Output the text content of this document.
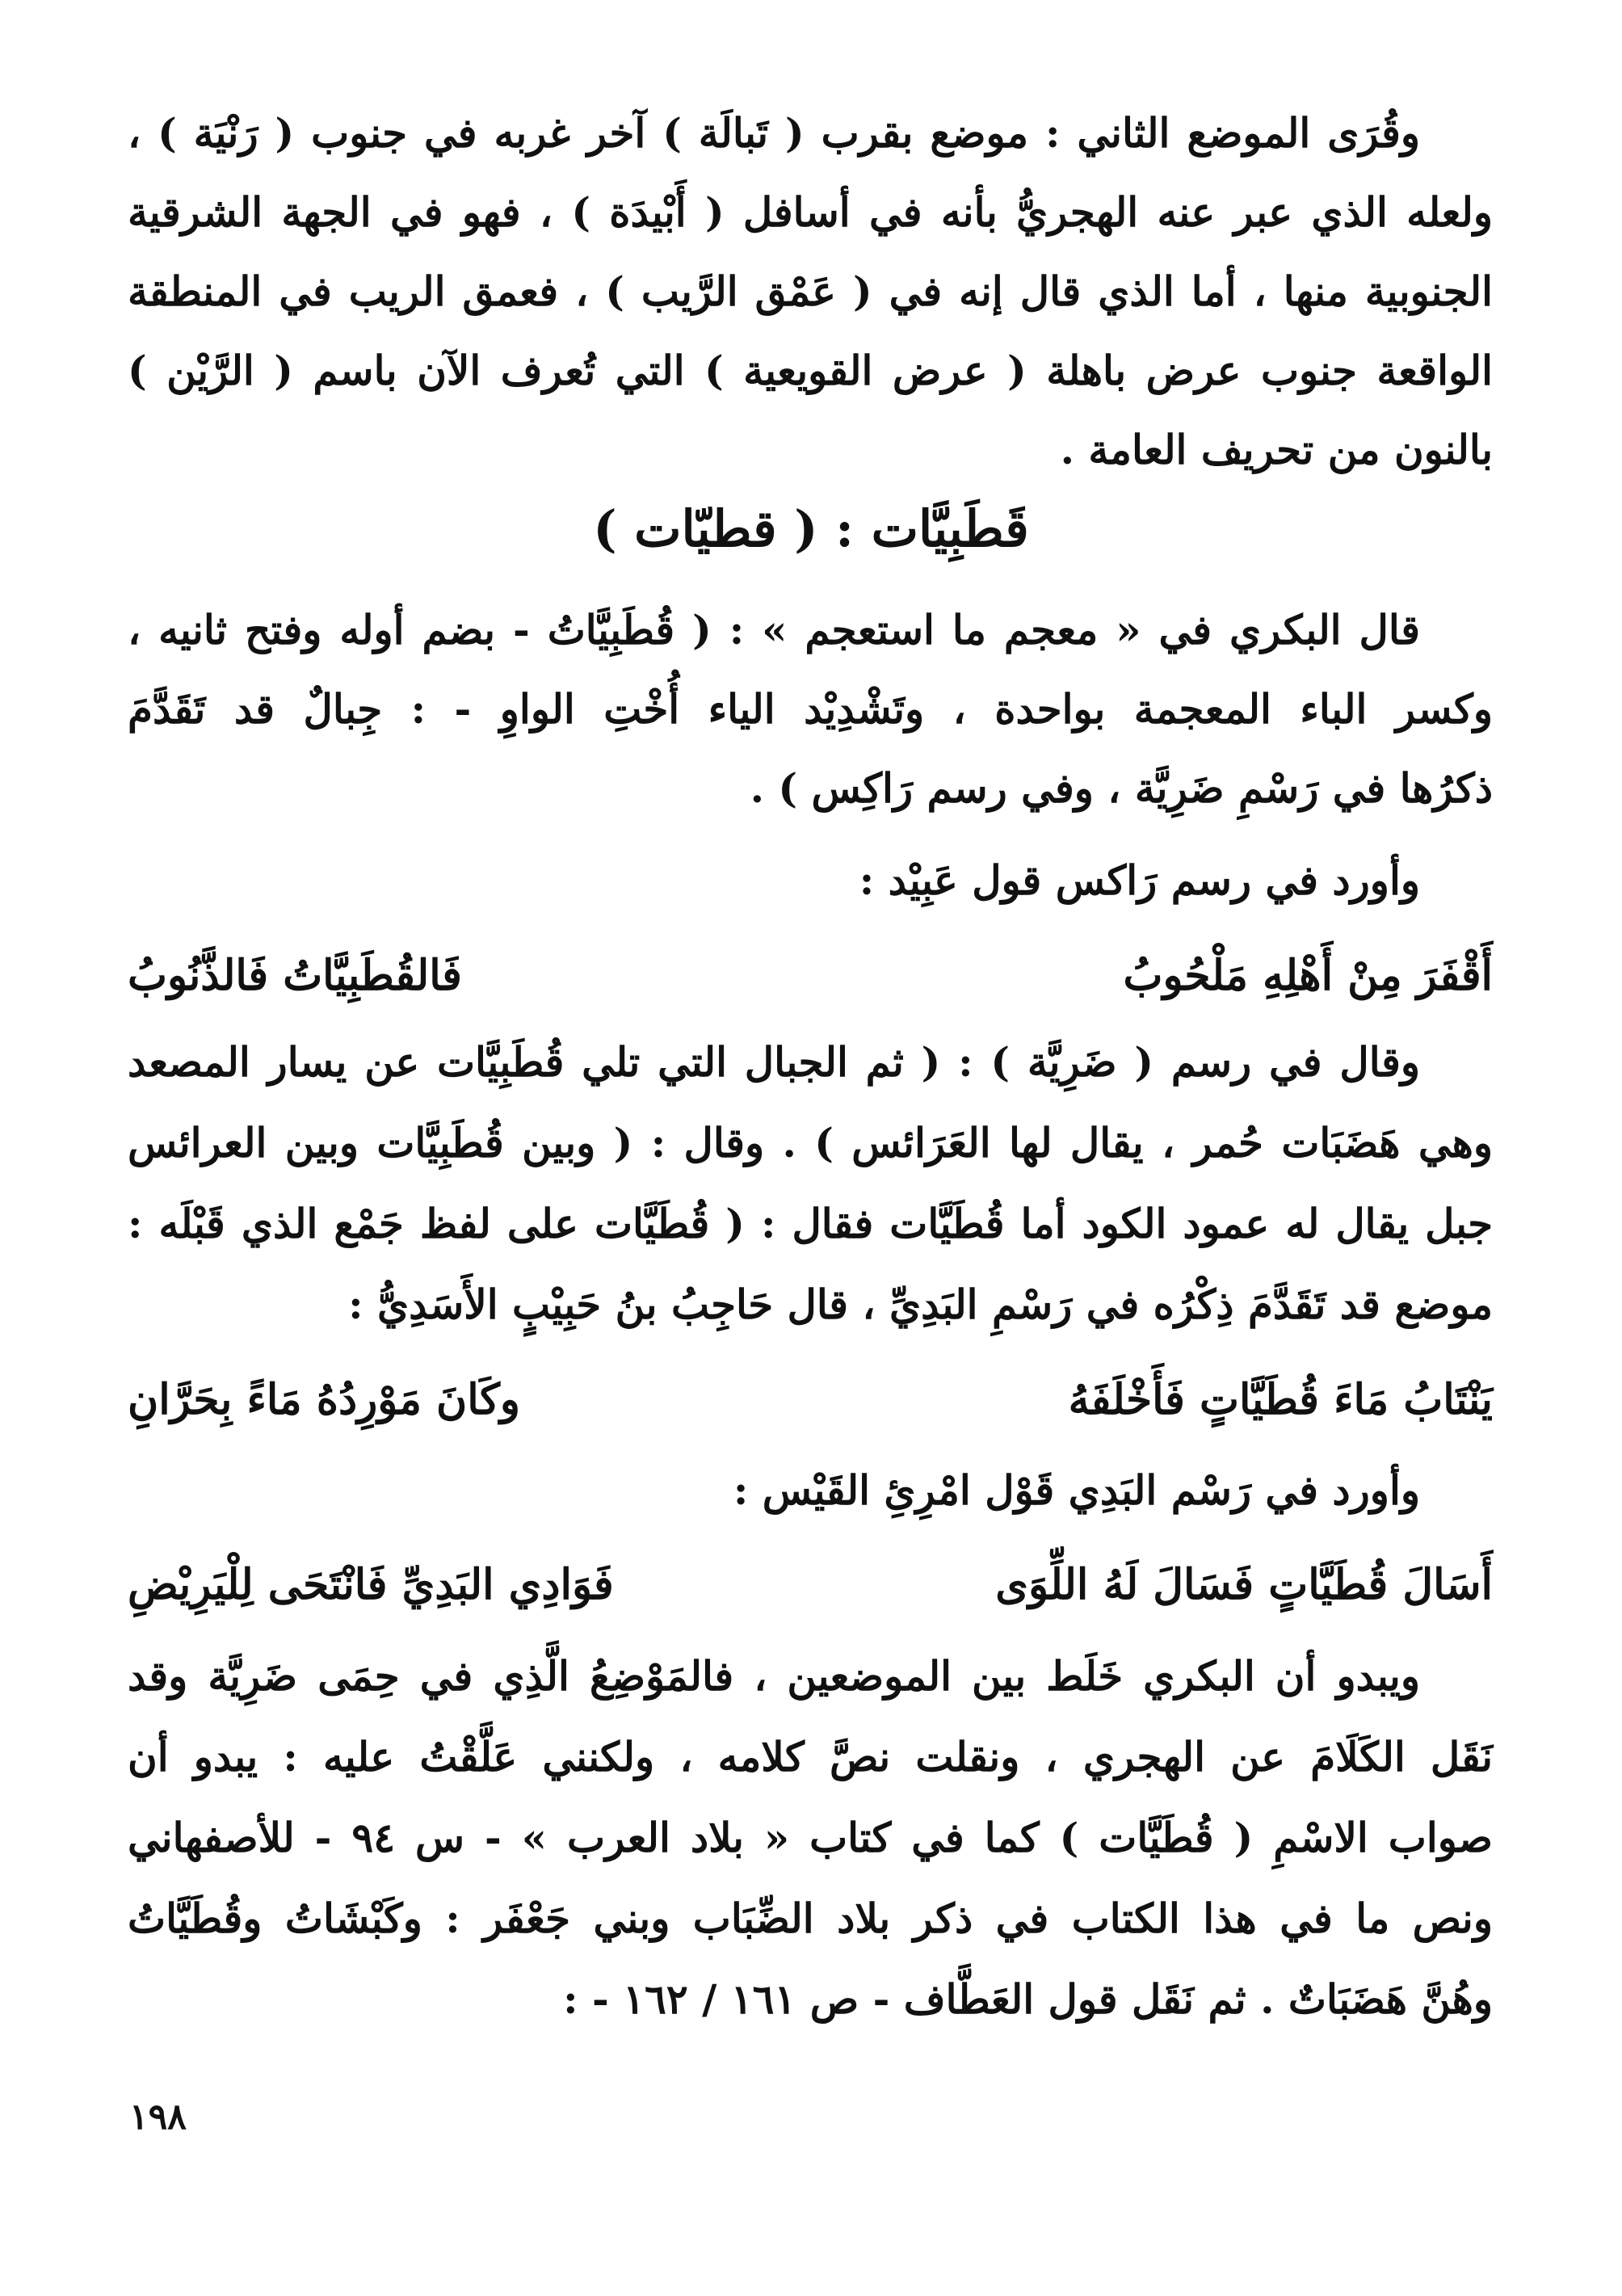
وقُرَى الموضع الثاني : موضع بقرب ( تَبالَة ) آخر غربه في جنوب ( رَنْيَة ) ،
ولعله الذي عبر عنه الهجريُّ بأنه في أسافل ( أَبْيدَة ) ، فهو في الجهة الشرقية
الجنوبية منها ، أما الذي قال إنه في ( عَمْق الرَّيب ) ، فعمق الريب في المنطقة
الواقعة جنوب عرض باهلة ( عرض القويعية ) التي تُعرف الآن باسم ( الرَّيْن )
بالنون من تحريف العامة .
قَطَبِيَّات : ( قطيّات )
قال البكري في « معجم ما استعجم » : ( قُطَبِيَّاتُ - بضم أوله وفتح ثانيه ،
وكسر الباء المعجمة بواحدة ، وتَشْدِيْد الياء أُخْتِ الواوِ - : جِبالٌ قد تَقَدَّمَ
ذكرُها في رَسْمِ ضَرِيَّة ، وفي رسم رَاكِس ) .
وأورد في رسم رَاكس قول عَبِيْد :
أَقْفَرَ مِنْ أَهْلِهِ مَلْحُوبُ
فَالقُطَبِيَّاتُ فَالذَّنُوبُ
وقال في رسم ( ضَرِيَّة ) : ( ثم الجبال التي تلي قُطَبِيَّات عن يسار المصعد
وهي هَضَبَات حُمر ، يقال لها العَرَائس ) . وقال : ( وبين قُطَبِيَّات وبين العرائس
جبل يقال له عمود الكود أما قُطَيَّات فقال : ( قُطَيَّات على لفظ جَمْع الذي قَبْلَه :
موضع قد تَقَدَّمَ ذِكْرُه في رَسْمِ البَدِيِّ ، قال حَاجِبُ بنُ حَبِيْبٍ الأَسَدِيُّ :
يَنْتَابُ مَاءَ قُطَيَّاتٍ فَأَخْلَفَهُ
وكَانَ مَوْرِدُهُ مَاءً بِحَرَّانِ
وأورد في رَسْم البَدِي قَوْل امْرِئِ القَيْس :
أَسَالَ قُطَيَّاتٍ فَسَالَ لَهُ اللِّوَى
فَوَادِي البَدِيِّ فَانْتَحَى لِلْيَرِيْضِ
ويبدو أن البكري خَلَط بين الموضعين ، فالمَوْضِعُ الَّذِي في حِمَى ضَرِيَّة وقد
نَقَل الكَلَامَ عن الهجري ، ونقلت نصَّ كلامه ، ولكنني عَلَّقْتُ عليه : يبدو أن
صواب الاسْمِ ( قُطَيَّات ) كما في كتاب « بلاد العرب » - س ٩٤ - للأصفهاني
ونص ما في هذا الكتاب في ذكر بلاد الضِّبَاب وبني جَعْفَر : وكَبْشَاتُ وقُطَيَّاتُ
وهُنَّ هَضَبَاتٌ . ثم نَقَل قول العَطَّاف - ص ١٦١ / ١٦٢ - :
١٩٨
